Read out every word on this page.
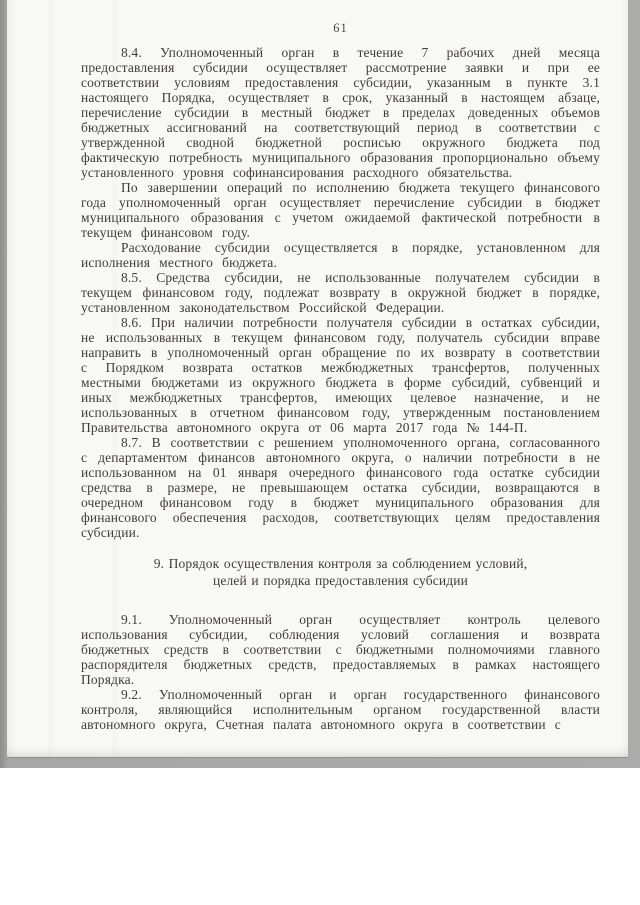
61

8.4. Уполномоченный орган в течение 7 рабочих дней месяца предоставления субсидии осуществляет рассмотрение заявки и при ее соответствии условиям предоставления субсидии, указанным в пункте 3.1 настоящего Порядка, осуществляет в срок, указанный в настоящем абзаце, перечисление субсидии в местный бюджет в пределах доведенных объемов бюджетных ассигнований на соответствующий период в соответствии с утвержденной сводной бюджетной росписью окружного бюджета под фактическую потребность муниципального образования пропорционально объему установленного уровня софинансирования расходного обязательства.

По завершении операций по исполнению бюджета текущего финансового года уполномоченный орган осуществляет перечисление субсидии в бюджет муниципального образования с учетом ожидаемой фактической потребности в текущем финансовом году.

Расходование субсидии осуществляется в порядке, установленном для исполнения местного бюджета.

8.5. Средства субсидии, не использованные получателем субсидии в текущем финансовом году, подлежат возврату в окружной бюджет в порядке, установленном законодательством Российской Федерации.

8.6. При наличии потребности получателя субсидии в остатках субсидии, не использованных в текущем финансовом году, получатель субсидии вправе направить в уполномоченный орган обращение по их возврату в соответствии с Порядком возврата остатков межбюджетных трансфертов, полученных местными бюджетами из окружного бюджета в форме субсидий, субвенций и иных межбюджетных трансфертов, имеющих целевое назначение, и не использованных в отчетном финансовом году, утвержденным постановлением Правительства автономного округа от 06 марта 2017 года № 144-П.

8.7. В соответствии с решением уполномоченного органа, согласованного с департаментом финансов автономного округа, о наличии потребности в не использованном на 01 января очередного финансового года остатке субсидии средства в размере, не превышающем остатка субсидии, возвращаются в очередном финансовом году в бюджет муниципального образования для финансового обеспечения расходов, соответствующих целям предоставления субсидии.

9. Порядок осуществления контроля за соблюдением условий,
целей и порядка предоставления субсидии

9.1. Уполномоченный орган осуществляет контроль целевого использования субсидии, соблюдения условий соглашения и возврата бюджетных средств в соответствии с бюджетными полномочиями главного распорядителя бюджетных средств, предоставляемых в рамках настоящего Порядка.

9.2. Уполномоченный орган и орган государственного финансового контроля, являющийся исполнительным органом государственной власти автономного округа, Счетная палата автономного округа в соответствии с
